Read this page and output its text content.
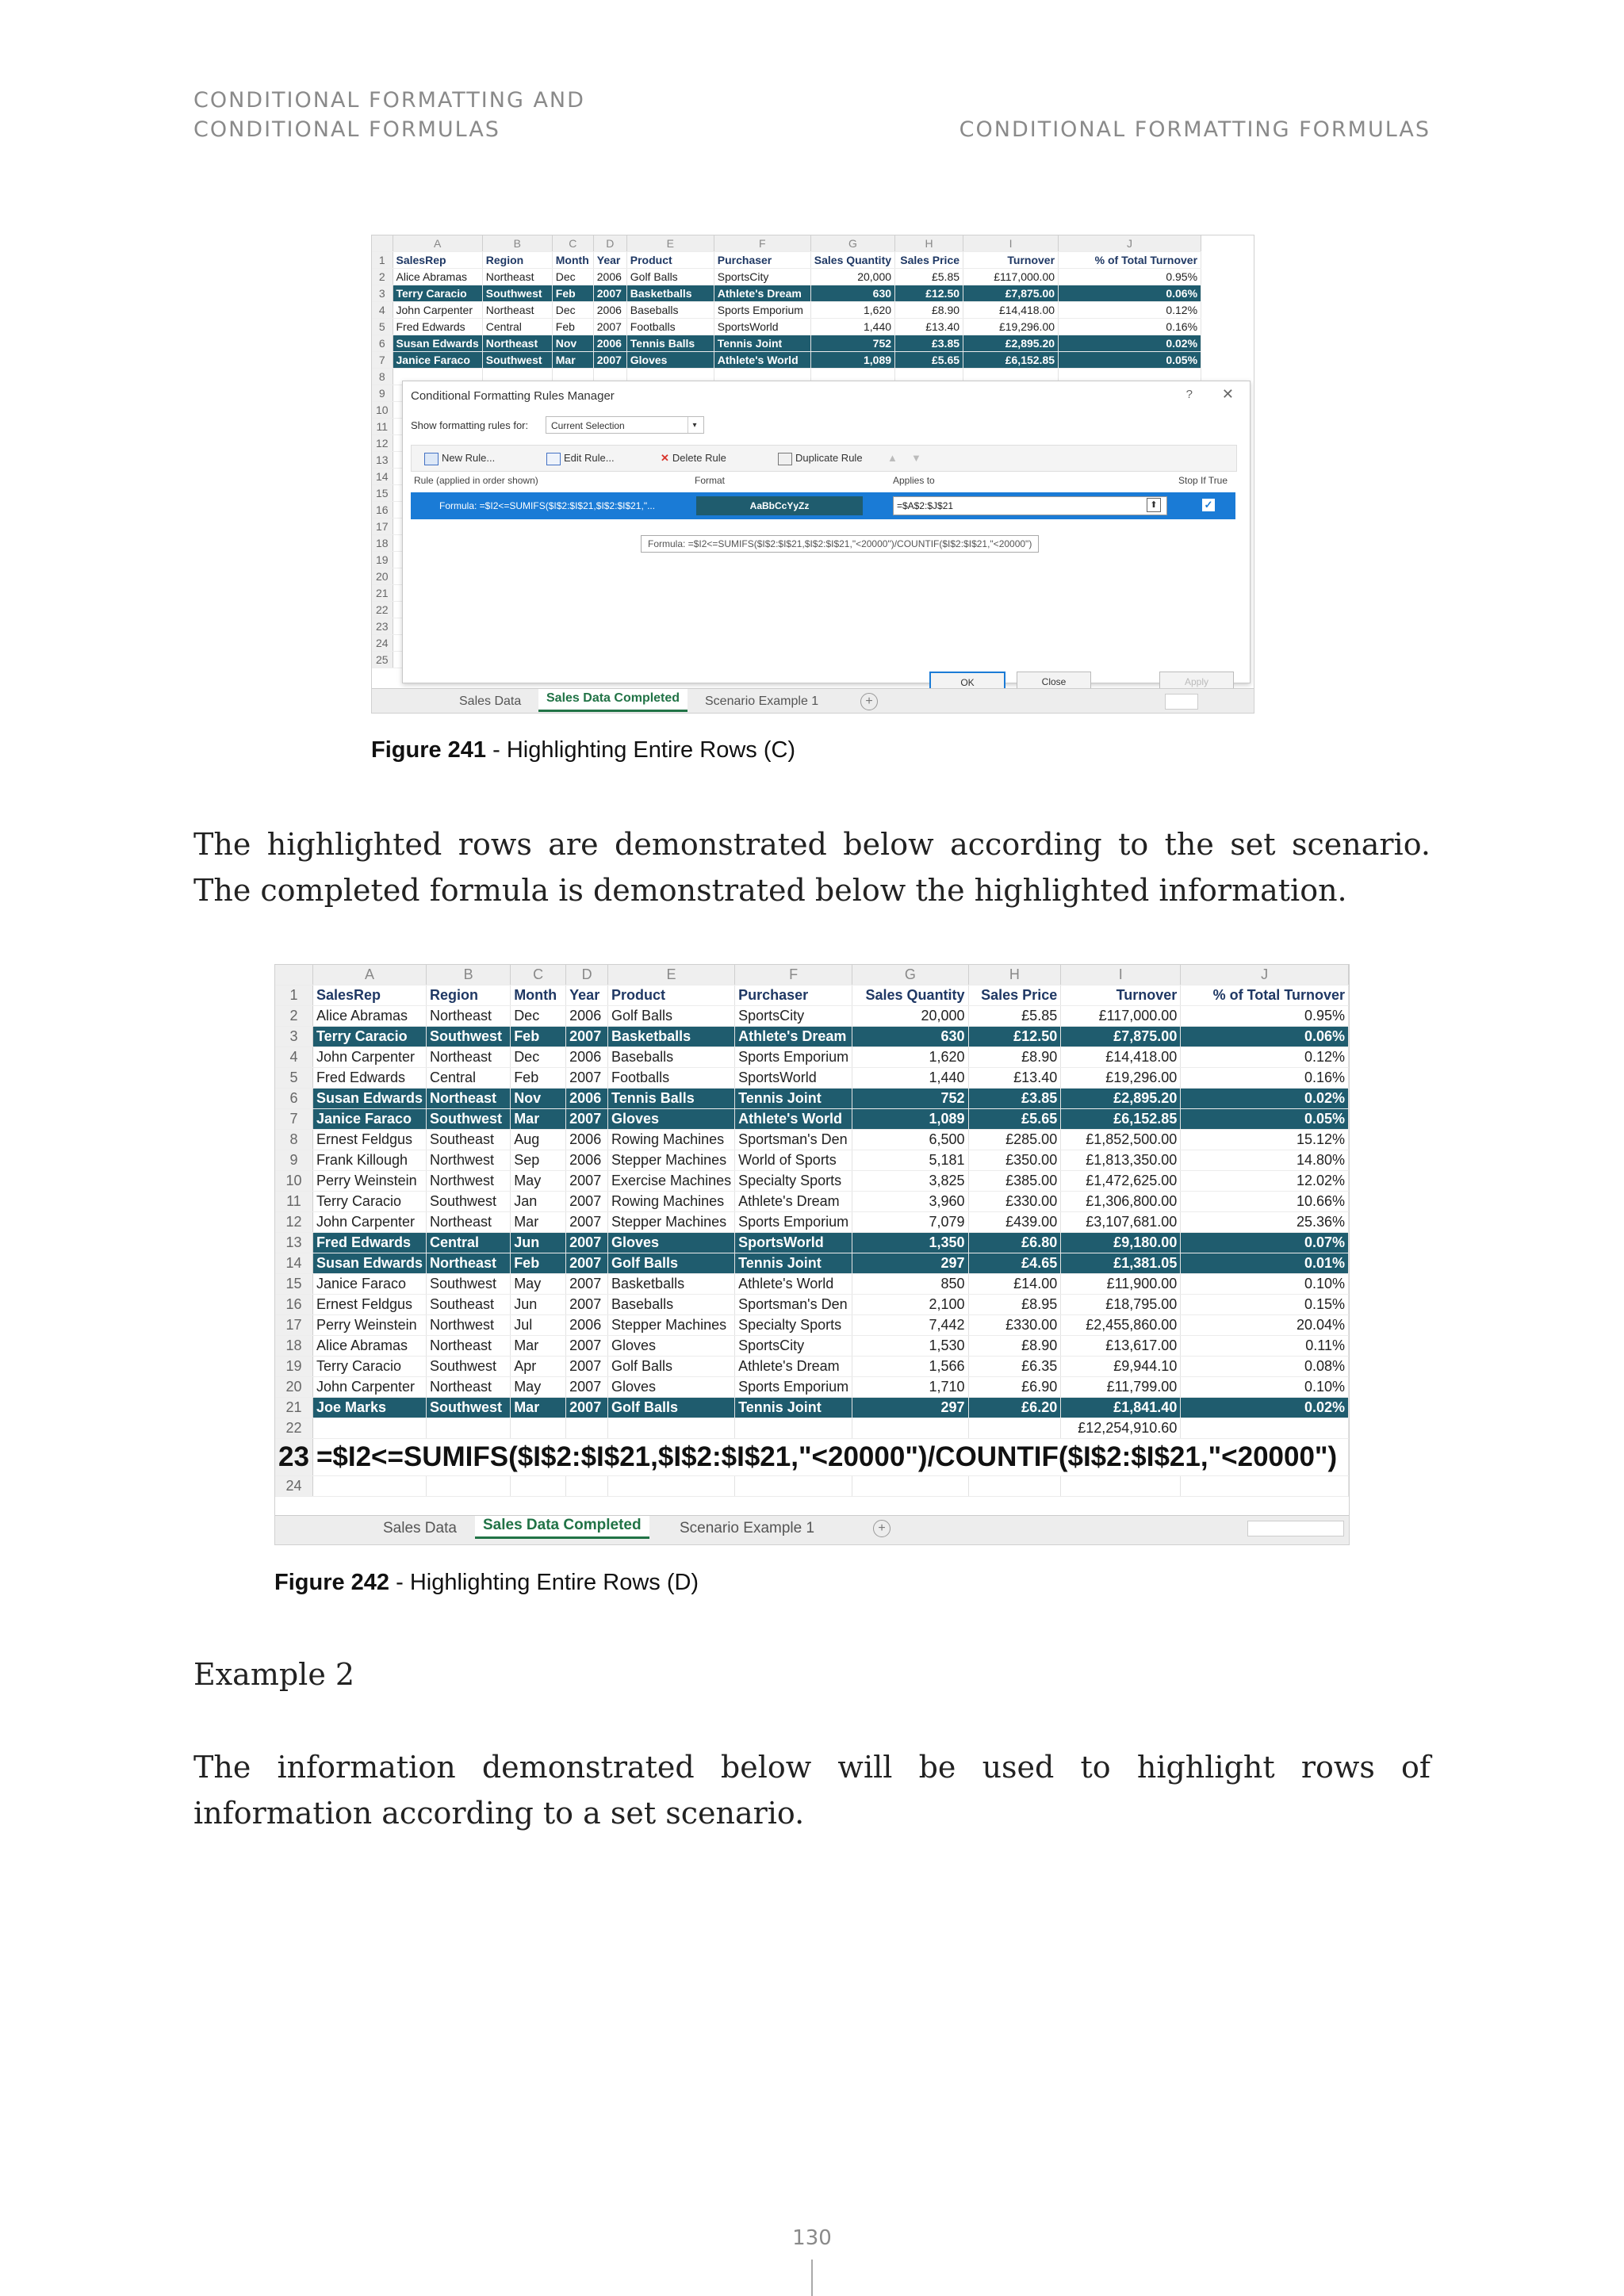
CONDITIONAL FORMATTING AND
CONDITIONAL FORMULAS	CONDITIONAL FORMATTING FORMULAS
	A	B	C	D	E	F	G	H	I	J
1	SalesRep	Region	Month	Year	Product	Purchaser	Sales Quantity	Sales Price	Turnover	% of Total Turnover
2	Alice Abramas	Northeast	Dec	2006	Golf Balls	SportsCity	20,000	£5.85	£117,000.00	0.95%
3	Terry Caracio	Southwest	Feb	2007	Basketballs	Athlete's Dream	630	£12.50	£7,875.00	0.06%
4	John Carpenter	Northeast	Dec	2006	Baseballs	Sports Emporium	1,620	£8.90	£14,418.00	0.12%
5	Fred Edwards	Central	Feb	2007	Footballs	SportsWorld	1,440	£13.40	£19,296.00	0.16%
6	Susan Edwards	Northeast	Nov	2006	Tennis Balls	Tennis Joint	752	£3.85	£2,895.20	0.02%
7	Janice Faraco	Southwest	Mar	2007	Gloves	Athlete's World	1,089	£5.65	£6,152.85	0.05%
8										
9										
10										
11										
12										
13										
14										
15										
16										
17										
18										
19										
20										
21										
22										
23										
24										
25										
Conditional Formatting Rules Manager	? ✕
Show formatting rules for:	Current Selection	▾
New Rule...	Edit Rule...	✕ Delete Rule	Duplicate Rule ▲ ▼
Rule (applied in order shown)	Format	Applies to	Stop If True
Formula: =$I2<=SUMIFS($I$2:$I$21,$I$2:$I$21,"...	AaBbCcYyZz	=$A$2:$J$21	⬆	✓
Formula: =$I2<=SUMIFS($I$2:$I$21,$I$2:$I$21,"<20000")/COUNTIF($I$2:$I$21,"<20000")
OK	Close	Apply
Sales Data	Sales Data Completed	Scenario Example 1	+
Figure 241 - Highlighting Entire Rows (C)
The highlighted rows are demonstrated below according to the set scenario. The completed formula is demonstrated below the highlighted information.
	A	B	C	D	E	F	G	H	I	J
1	SalesRep	Region	Month	Year	Product	Purchaser	Sales Quantity	Sales Price	Turnover	% of Total Turnover
2	Alice Abramas	Northeast	Dec	2006	Golf Balls	SportsCity	20,000	£5.85	£117,000.00	0.95%
3	Terry Caracio	Southwest	Feb	2007	Basketballs	Athlete's Dream	630	£12.50	£7,875.00	0.06%
4	John Carpenter	Northeast	Dec	2006	Baseballs	Sports Emporium	1,620	£8.90	£14,418.00	0.12%
5	Fred Edwards	Central	Feb	2007	Footballs	SportsWorld	1,440	£13.40	£19,296.00	0.16%
6	Susan Edwards	Northeast	Nov	2006	Tennis Balls	Tennis Joint	752	£3.85	£2,895.20	0.02%
7	Janice Faraco	Southwest	Mar	2007	Gloves	Athlete's World	1,089	£5.65	£6,152.85	0.05%
8	Ernest Feldgus	Southeast	Aug	2006	Rowing Machines	Sportsman's Den	6,500	£285.00	£1,852,500.00	15.12%
9	Frank Killough	Northwest	Sep	2006	Stepper Machines	World of Sports	5,181	£350.00	£1,813,350.00	14.80%
10	Perry Weinstein	Northwest	May	2007	Exercise Machines	Specialty Sports	3,825	£385.00	£1,472,625.00	12.02%
11	Terry Caracio	Southwest	Jan	2007	Rowing Machines	Athlete's Dream	3,960	£330.00	£1,306,800.00	10.66%
12	John Carpenter	Northeast	Mar	2007	Stepper Machines	Sports Emporium	7,079	£439.00	£3,107,681.00	25.36%
13	Fred Edwards	Central	Jun	2007	Gloves	SportsWorld	1,350	£6.80	£9,180.00	0.07%
14	Susan Edwards	Northeast	Feb	2007	Golf Balls	Tennis Joint	297	£4.65	£1,381.05	0.01%
15	Janice Faraco	Southwest	May	2007	Basketballs	Athlete's World	850	£14.00	£11,900.00	0.10%
16	Ernest Feldgus	Southeast	Jun	2007	Baseballs	Sportsman's Den	2,100	£8.95	£18,795.00	0.15%
17	Perry Weinstein	Northwest	Jul	2006	Stepper Machines	Specialty Sports	7,442	£330.00	£2,455,860.00	20.04%
18	Alice Abramas	Northeast	Mar	2007	Gloves	SportsCity	1,530	£8.90	£13,617.00	0.11%
19	Terry Caracio	Southwest	Apr	2007	Golf Balls	Athlete's Dream	1,566	£6.35	£9,944.10	0.08%
20	John Carpenter	Northeast	May	2007	Gloves	Sports Emporium	1,710	£6.90	£11,799.00	0.10%
21	Joe Marks	Southwest	Mar	2007	Golf Balls	Tennis Joint	297	£6.20	£1,841.40	0.02%
22									£12,254,910.60	
23	=$I2<=SUMIFS($I$2:$I$21,$I$2:$I$21,"<20000")/COUNTIF($I$2:$I$21,"<20000")									
24										
Sales Data	Sales Data Completed	Scenario Example 1	+
Figure 242 - Highlighting Entire Rows (D)
Example 2
The information demonstrated below will be used to highlight rows of information according to a set scenario.
130
